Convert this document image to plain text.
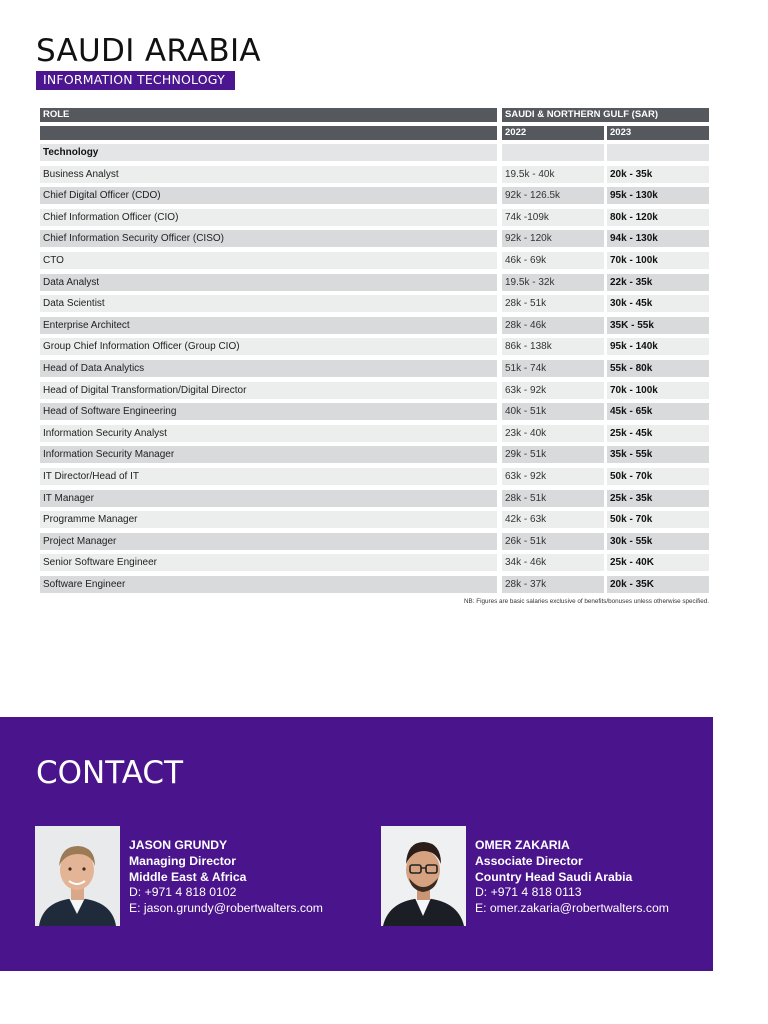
SAUDI ARABIA
INFORMATION TECHNOLOGY
ROLE	SAUDI & NORTHERN GULF (SAR)
2022	2023
Technology
Business Analyst	19.5k - 40k	20k - 35k
Chief Digital Officer (CDO)	92k - 126.5k	95k - 130k
Chief Information Officer (CIO)	74k -109k	80k - 120k
Chief Information Security Officer (CISO)	92k - 120k	94k - 130k
CTO	46k - 69k	70k - 100k
Data Analyst	19.5k - 32k	22k - 35k
Data Scientist	28k - 51k	30k - 45k
Enterprise Architect	28k - 46k	35K - 55k
Group Chief Information Officer (Group CIO)	86k - 138k	95k - 140k
Head of Data Analytics	51k - 74k	55k - 80k
Head of Digital Transformation/Digital Director	63k - 92k	70k - 100k
Head of Software Engineering	40k - 51k	45k - 65k
Information Security Analyst	23k - 40k	25k - 45k
Information Security Manager	29k - 51k	35k - 55k
IT Director/Head of IT	63k - 92k	50k - 70k
IT Manager	28k - 51k	25k - 35k
Programme Manager	42k - 63k	50k - 70k
Project Manager	26k - 51k	30k - 55k
Senior Software Engineer	34k - 46k	25k - 40K
Software Engineer	28k - 37k	20k - 35K
NB: Figures are basic salaries exclusive of benefits/bonuses unless otherwise specified.
CONTACT
JASON GRUNDY
Managing Director
Middle East & Africa
D: +971 4 818 0102
E: jason.grundy@robertwalters.com
OMER ZAKARIA
Associate Director
Country Head Saudi Arabia
D: +971 4 818 0113
E: omer.zakaria@robertwalters.com
